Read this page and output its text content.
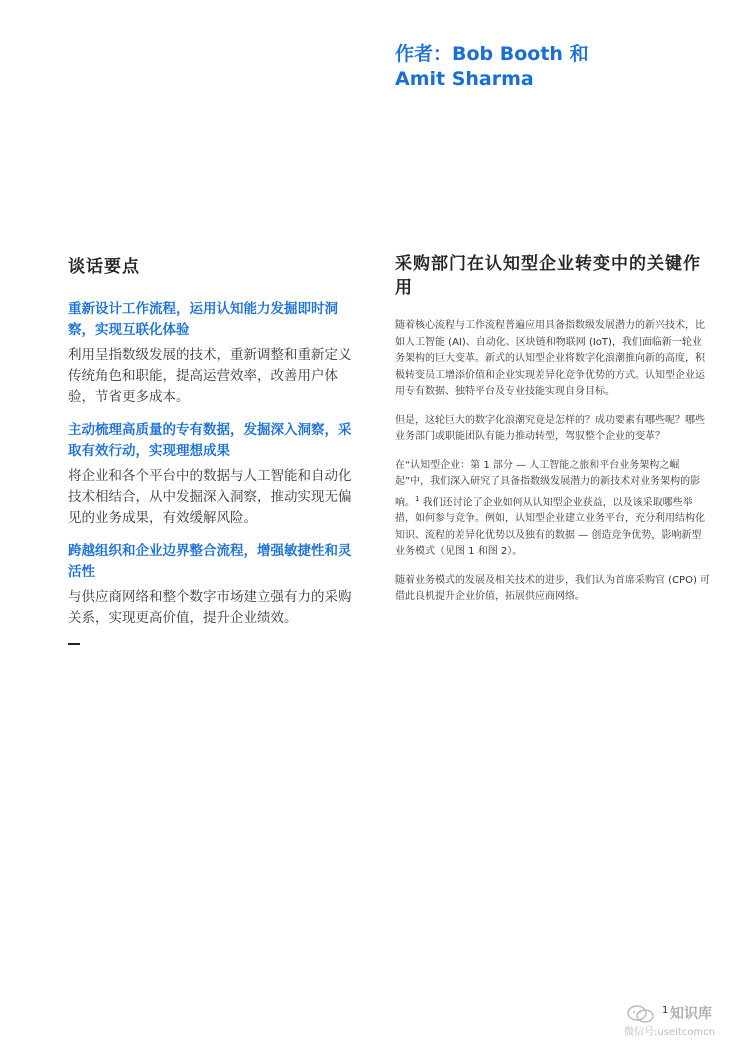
作者：Bob Booth 和
Amit Sharma
谈话要点
重新设计工作流程，运用认知能力发掘即时洞察，实现互联化体验
利用呈指数级发展的技术，重新调整和重新定义传统角色和职能，提高运营效率，改善用户体验，节省更多成本。
主动梳理高质量的专有数据，发掘深入洞察，采取有效行动，实现理想成果
将企业和各个平台中的数据与人工智能和自动化技术相结合，从中发掘深入洞察，推动实现无偏见的业务成果，有效缓解风险。
跨越组织和企业边界整合流程，增强敏捷性和灵活性
与供应商网络和整个数字市场建立强有力的采购关系，实现更高价值，提升企业绩效。
采购部门在认知型企业转变中的关键作用

随着核心流程与工作流程普遍应用具备指数级发展潜力的新兴技术，比如人工智能 (AI)、自动化、区块链和物联网 (IoT)，我们面临新一轮业务架构的巨大变革。新式的认知型企业将数字化浪潮推向新的高度，积极转变员工增添价值和企业实现差异化竞争优势的方式。认知型企业运用专有数据、独特平台及专业技能实现自身目标。

但是，这轮巨大的数字化浪潮究竟是怎样的？成功要素有哪些呢？哪些业务部门或职能团队有能力推动转型，驾驭整个企业的变革？

在“认知型企业：第 1 部分 — 人工智能之旅和平台业务架构之崛起”中，我们深入研究了具备指数级发展潜力的新技术对业务架构的影响。$^1$ 我们还讨论了企业如何从认知型企业获益，以及该采取哪些举措，如何参与竞争。例如，认知型企业建立业务平台，充分利用结构化知识、流程的差异化优势以及独有的数据 — 创造竞争优势，影响新型业务模式（见图 1 和图 2）。

随着业务模式的发展及相关技术的进步，我们认为首席采购官 (CPO) 可借此良机提升企业价值，拓展供应商网络。

1 知识库
微信号:useitcomcn
